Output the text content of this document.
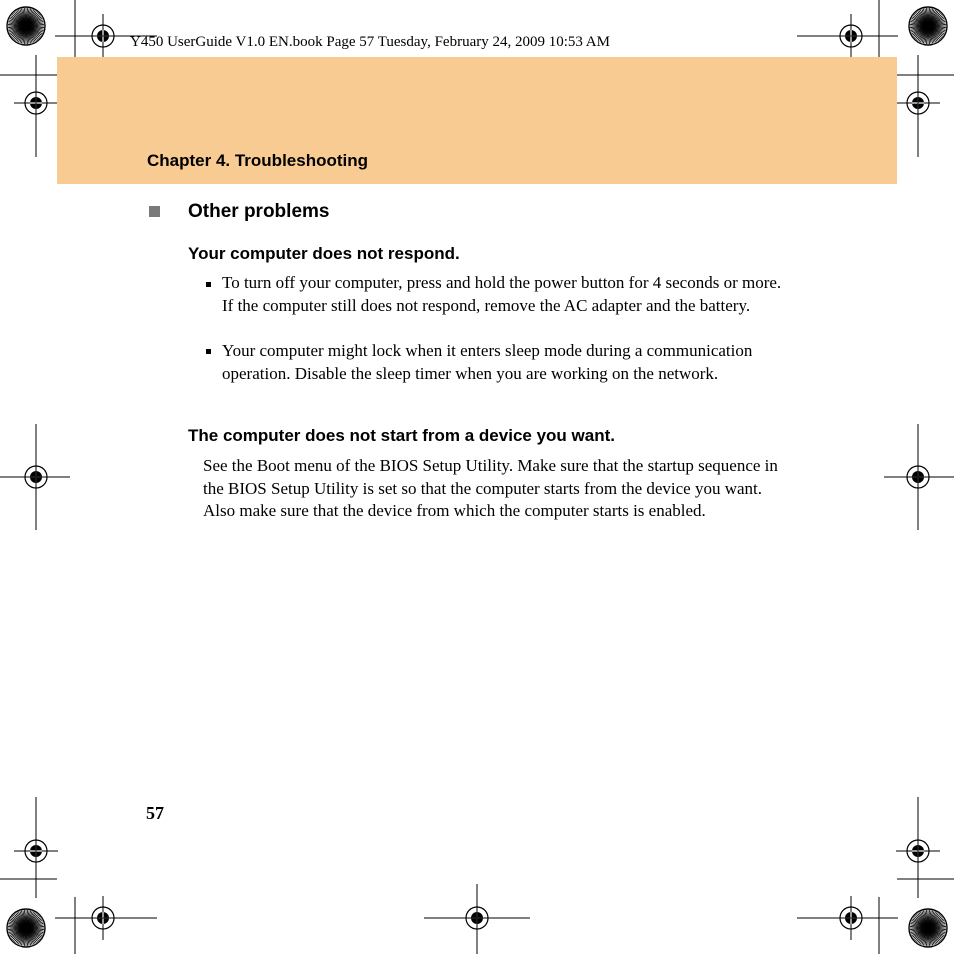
Y450 UserGuide V1.0 EN.book Page 57 Tuesday, February 24, 2009 10:53 AM
Chapter 4. Troubleshooting
Other problems
Your computer does not respond.
To turn off your computer, press and hold the power button for 4 seconds or more. If the computer still does not respond, remove the AC adapter and the battery.
Your computer might lock when it enters sleep mode during a communication operation. Disable the sleep timer when you are working on the network.
The computer does not start from a device you want.
See the Boot menu of the BIOS Setup Utility. Make sure that the startup sequence in the BIOS Setup Utility is set so that the computer starts from the device you want. Also make sure that the device from which the computer starts is enabled.
57
